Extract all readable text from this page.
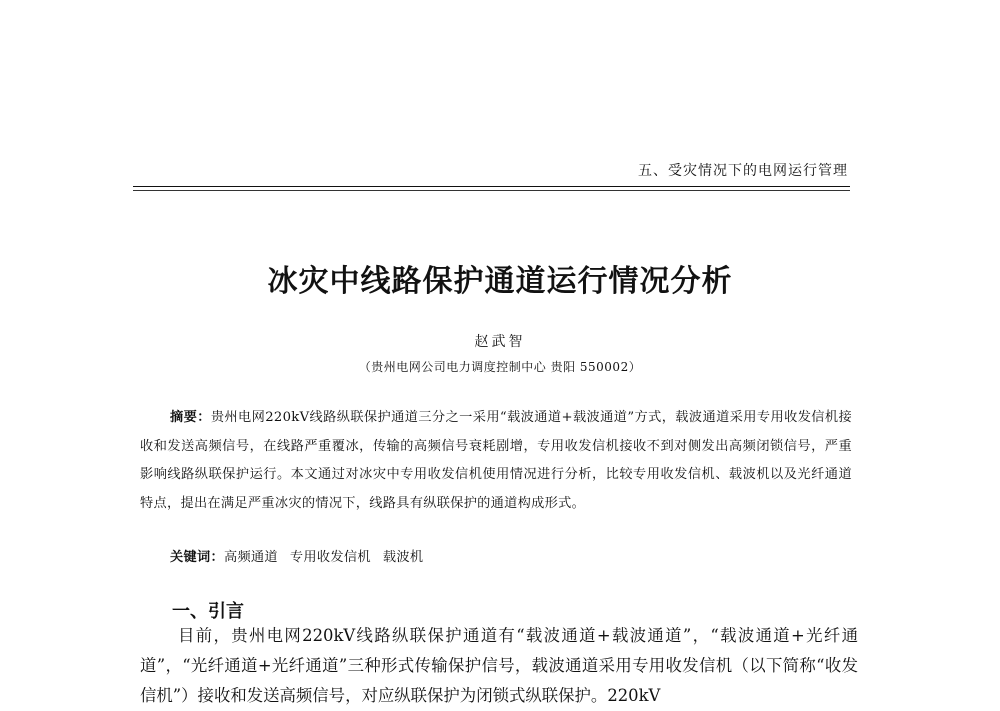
五、受灾情况下的电网运行管理
冰灾中线路保护通道运行情况分析
赵武智
（贵州电网公司电力调度控制中心 贵阳 550002）
摘要：贵州电网220kV线路纵联保护通道三分之一采用“载波通道+载波通道”方式，载波通道采用专用收发信机接收和发送高频信号，在线路严重覆冰，传输的高频信号衰耗剧增，专用收发信机接收不到对侧发出高频闭锁信号，严重影响线路纵联保护运行。本文通过对冰灾中专用收发信机使用情况进行分析，比较专用收发信机、载波机以及光纤通道特点，提出在满足严重冰灾的情况下，线路具有纵联保护的通道构成形式。
关键词：高频通道 专用收发信机 载波机
一、引言
目前，贵州电网220kV线路纵联保护通道有“载波通道+载波通道”，“载波通道+光纤通道”，“光纤通道+光纤通道”三种形式传输保护信号，载波通道采用专用收发信机（以下简称“收发信机”）接收和发送高频信号，对应纵联保护为闭锁式纵联保护。220kV
